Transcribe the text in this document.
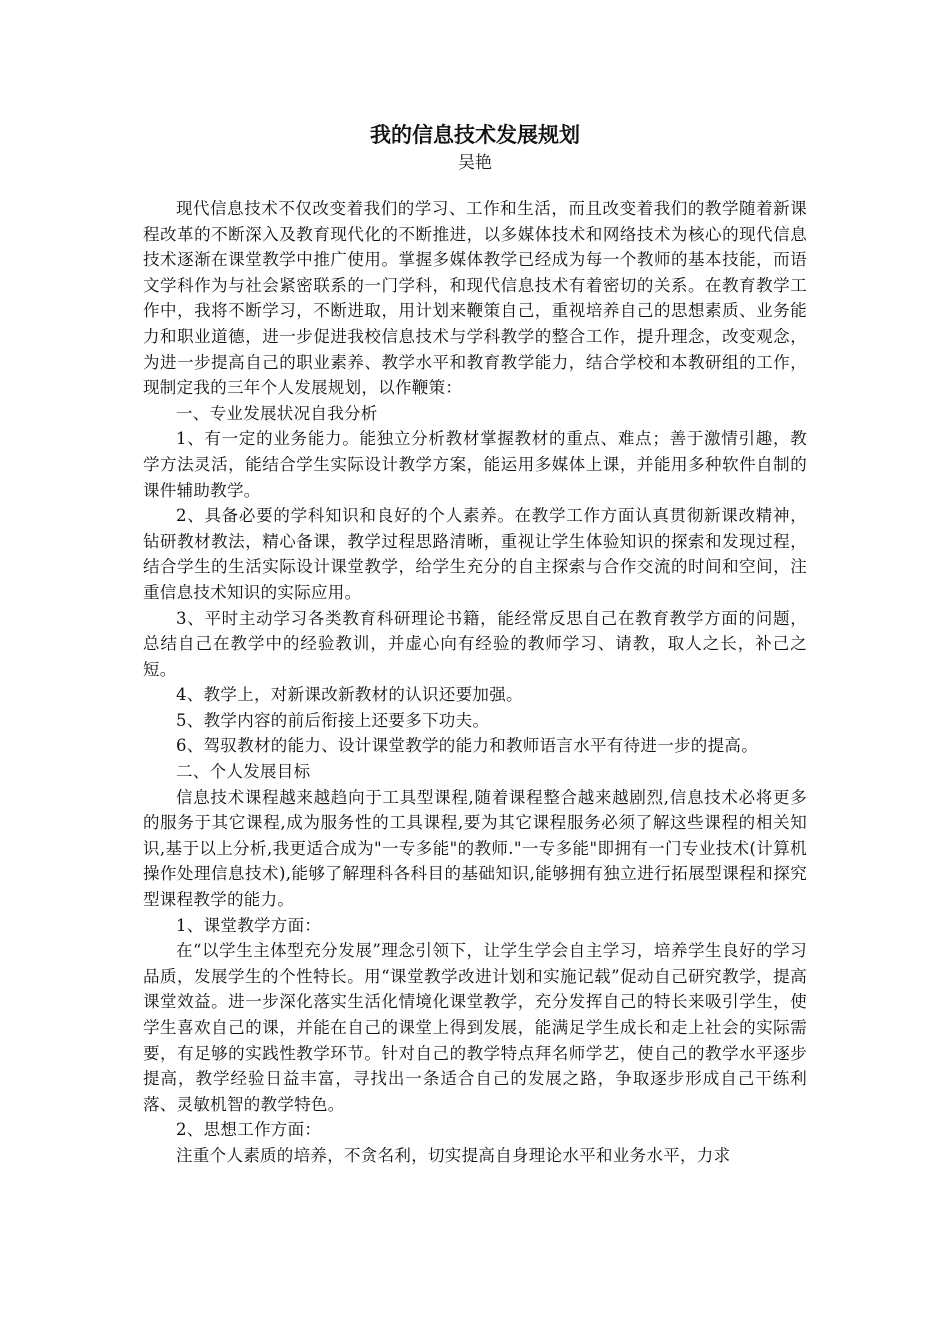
我的信息技术发展规划

吴艳

现代信息技术不仅改变着我们的学习、工作和生活，而且改变着我们的教学随着新课程改革的不断深入及教育现代化的不断推进，以多媒体技术和网络技术为核心的现代信息技术逐渐在课堂教学中推广使用。掌握多媒体教学已经成为每一个教师的基本技能，而语文学科作为与社会紧密联系的一门学科，和现代信息技术有着密切的关系。在教育教学工作中，我将不断学习，不断进取，用计划来鞭策自己，重视培养自己的思想素质、业务能力和职业道德，进一步促进我校信息技术与学科教学的整合工作，提升理念，改变观念，为进一步提高自己的职业素养、教学水平和教育教学能力，结合学校和本教研组的工作，现制定我的三年个人发展规划，以作鞭策：

一、专业发展状况自我分析

1、有一定的业务能力。能独立分析教材掌握教材的重点、难点；善于激情引趣，教学方法灵活，能结合学生实际设计教学方案，能运用多媒体上课，并能用多种软件自制的课件辅助教学。

2、具备必要的学科知识和良好的个人素养。在教学工作方面认真贯彻新课改精神，钻研教材教法，精心备课，教学过程思路清晰，重视让学生体验知识的探索和发现过程，结合学生的生活实际设计课堂教学，给学生充分的自主探索与合作交流的时间和空间，注重信息技术知识的实际应用。

3、平时主动学习各类教育科研理论书籍，能经常反思自己在教育教学方面的问题，总结自己在教学中的经验教训，并虚心向有经验的教师学习、请教，取人之长，补己之短。

4、教学上，对新课改新教材的认识还要加强。

5、教学内容的前后衔接上还要多下功夫。

6、驾驭教材的能力、设计课堂教学的能力和教师语言水平有待进一步的提高。

二、个人发展目标

信息技术课程越来越趋向于工具型课程,随着课程整合越来越剧烈,信息技术必将更多的服务于其它课程,成为服务性的工具课程,要为其它课程服务必须了解这些课程的相关知识,基于以上分析,我更适合成为"一专多能"的教师."一专多能"即拥有一门专业技术(计算机操作处理信息技术),能够了解理科各科目的基础知识,能够拥有独立进行拓展型课程和探究型课程教学的能力。

1、课堂教学方面：

在“以学生主体型充分发展”理念引领下，让学生学会自主学习，培养学生良好的学习品质，发展学生的个性特长。用“课堂教学改进计划和实施记载”促动自己研究教学，提高课堂效益。进一步深化落实生活化情境化课堂教学，充分发挥自己的特长来吸引学生，使学生喜欢自己的课，并能在自己的课堂上得到发展，能满足学生成长和走上社会的实际需要，有足够的实践性教学环节。针对自己的教学特点拜名师学艺，使自己的教学水平逐步提高，教学经验日益丰富，寻找出一条适合自己的发展之路，争取逐步形成自己干练利落、灵敏机智的教学特色。

2、思想工作方面：

注重个人素质的培养，不贪名利，切实提高自身理论水平和业务水平，力求
